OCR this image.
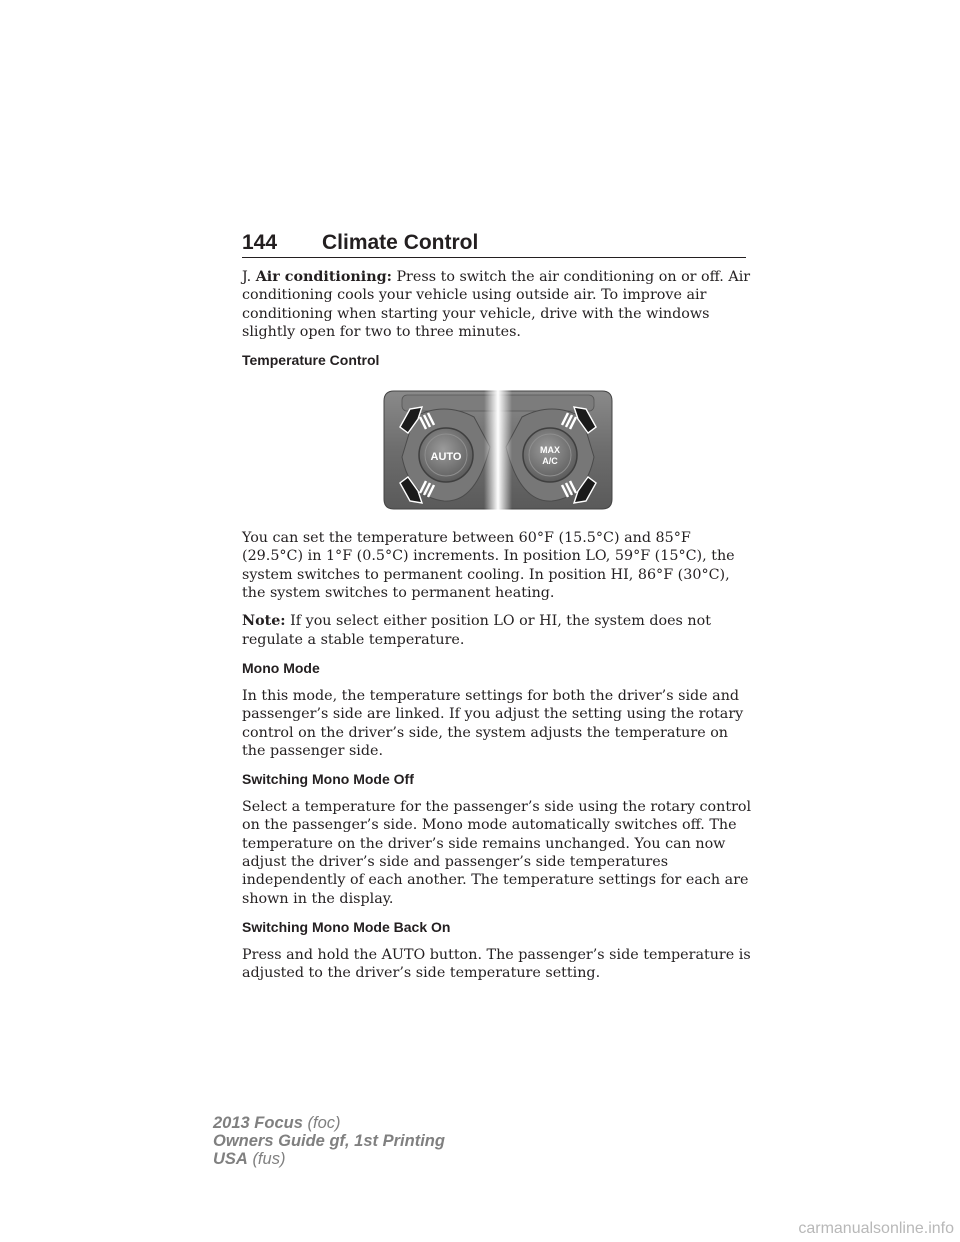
144 Climate Control

J. Air conditioning: Press to switch the air conditioning on or off. Air conditioning cools your vehicle using outside air. To improve air conditioning when starting your vehicle, drive with the windows slightly open for two to three minutes.

Temperature Control
AUTO
MAX
A/C

You can set the temperature between 60°F (15.5°C) and 85°F (29.5°C) in 1°F (0.5°C) increments. In position LO, 59°F (15°C), the system switches to permanent cooling. In position HI, 86°F (30°C), the system switches to permanent heating.

Note: If you select either position LO or HI, the system does not regulate a stable temperature.

Mono Mode

In this mode, the temperature settings for both the driver’s side and passenger’s side are linked. If you adjust the setting using the rotary control on the driver’s side, the system adjusts the temperature on the passenger side.

Switching Mono Mode Off

Select a temperature for the passenger’s side using the rotary control on the passenger’s side. Mono mode automatically switches off. The temperature on the driver’s side remains unchanged. You can now adjust the driver’s side and passenger’s side temperatures independently of each another. The temperature settings for each are shown in the display.

Switching Mono Mode Back On

Press and hold the AUTO button. The passenger’s side temperature is adjusted to the driver’s side temperature setting.

2013 Focus (foc)
Owners Guide gf, 1st Printing
USA (fus)
carmanualsonline.info
